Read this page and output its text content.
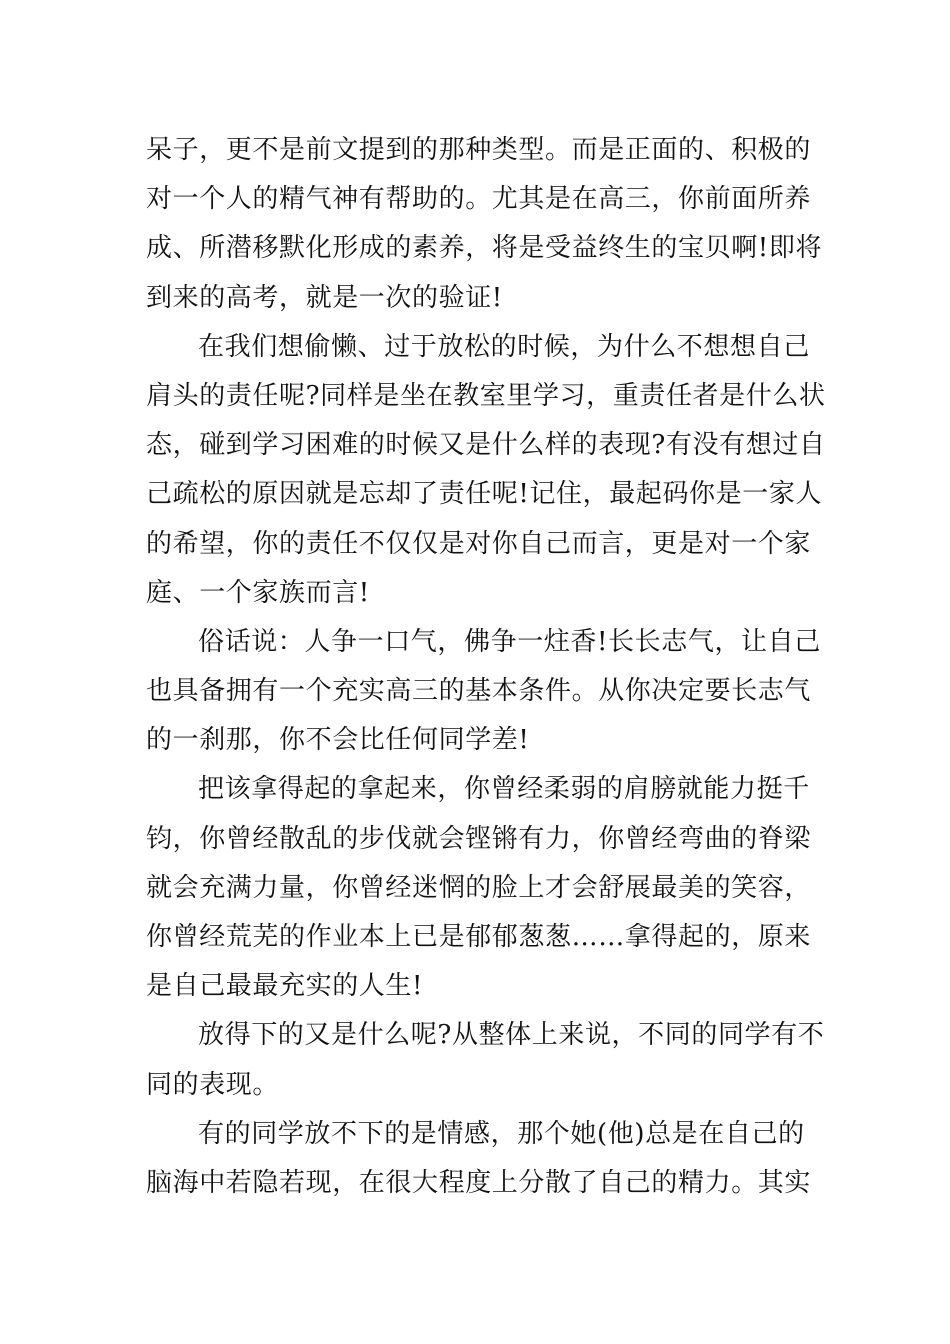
呆子，更不是前文提到的那种类型。而是正面的、积极的
对一个人的精气神有帮助的。尤其是在高三，你前面所养
成、所潜移默化形成的素养，将是受益终生的宝贝啊!即将
到来的高考，就是一次的验证!
在我们想偷懒、过于放松的时候，为什么不想想自己
肩头的责任呢?同样是坐在教室里学习，重责任者是什么状
态，碰到学习困难的时候又是什么样的表现?有没有想过自
己疏松的原因就是忘却了责任呢!记住，最起码你是一家人
的希望，你的责任不仅仅是对你自己而言，更是对一个家
庭、一个家族而言!
俗话说：人争一口气，佛争一炷香!长长志气，让自己
也具备拥有一个充实高三的基本条件。从你决定要长志气
的一刹那，你不会比任何同学差!
把该拿得起的拿起来，你曾经柔弱的肩膀就能力挺千
钧，你曾经散乱的步伐就会铿锵有力，你曾经弯曲的脊梁
就会充满力量，你曾经迷惘的脸上才会舒展最美的笑容，
你曾经荒芜的作业本上已是郁郁葱葱……拿得起的，原来
是自己最最充实的人生!
放得下的又是什么呢?从整体上来说，不同的同学有不
同的表现。
有的同学放不下的是情感，那个她(他)总是在自己的
脑海中若隐若现，在很大程度上分散了自己的精力。其实
